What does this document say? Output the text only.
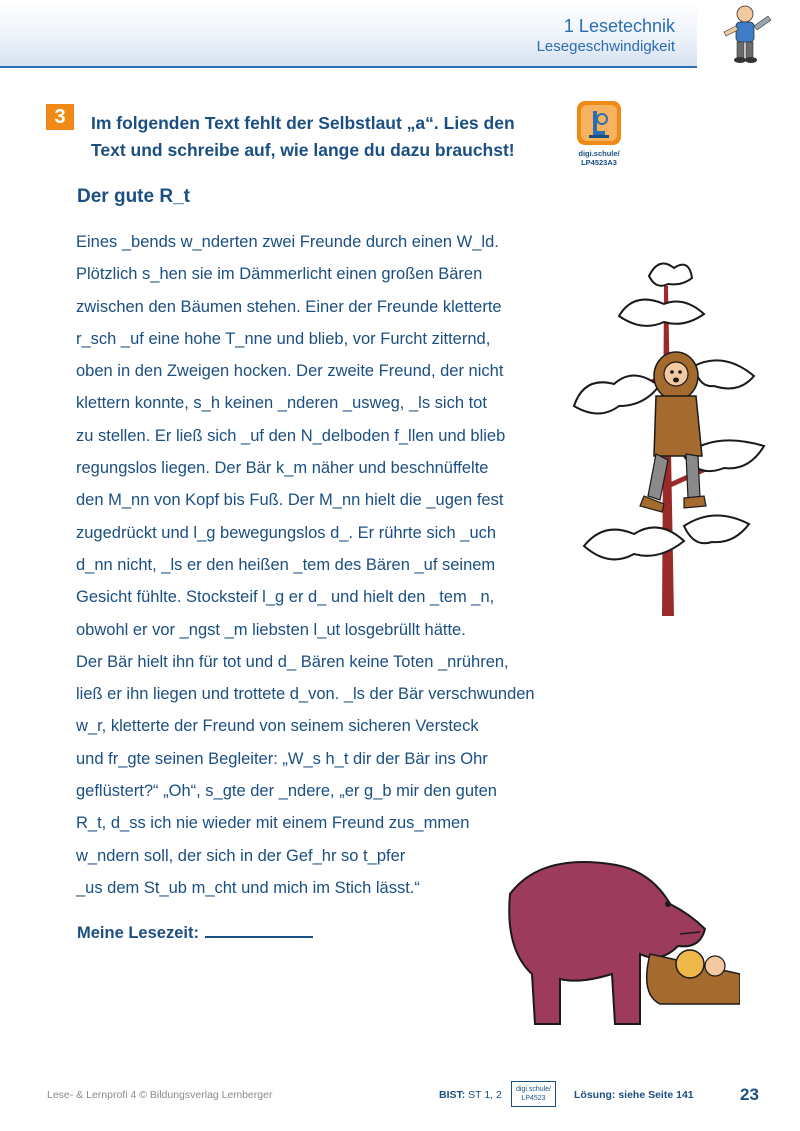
1 Lesetechnik
Lesegeschwindigkeit
3	Im folgenden Text fehlt der Selbstlaut „a“. Lies den
Text und schreibe auf, wie lange du dazu brauchst!	digi.schule/
LP4523A3
Der gute R_t
Eines _bends w_nderten zwei Freunde durch einen W_ld.
Plötzlich s_hen sie im Dämmerlicht einen großen Bären
zwischen den Bäumen stehen. Einer der Freunde kletterte
r_sch _uf eine hohe T_nne und blieb, vor Furcht zitternd,
oben in den Zweigen hocken. Der zweite Freund, der nicht
klettern konnte, s_h keinen _nderen _usweg, _ls sich tot
zu stellen. Er ließ sich _uf den N_delboden f_llen und blieb
regungslos liegen. Der Bär k_m näher und beschnüffelte
den M_nn von Kopf bis Fuß. Der M_nn hielt die _ugen fest
zugedrückt und l_g bewegungslos d_. Er rührte sich _uch
d_nn nicht, _ls er den heißen _tem des Bären _uf seinem
Gesicht fühlte. Stocksteif l_g er d_ und hielt den _tem _n,
obwohl er vor _ngst _m liebsten l_ut losgebrüllt hätte.
Der Bär hielt ihn für tot und d_ Bären keine Toten _nrühren,
ließ er ihn liegen und trottete d_von. _ls der Bär verschwunden
w_r, kletterte der Freund von seinem sicheren Versteck
und fr_gte seinen Begleiter: „W_s h_t dir der Bär ins Ohr
geflüstert?“ „Oh“, s_gte der _ndere, „er g_b mir den guten
R_t, d_ss ich nie wieder mit einem Freund zus_mmen
w_ndern soll, der sich in der Gef_hr so t_pfer
_us dem St_ub m_cht und mich im Stich lässt.“
Meine Lesezeit:
Lese- & Lernprofi 4 © Bildungsverlag Lemberger	BIST: ST 1, 2	digi.schule/
LP4523	Lösung: siehe Seite 141	23
